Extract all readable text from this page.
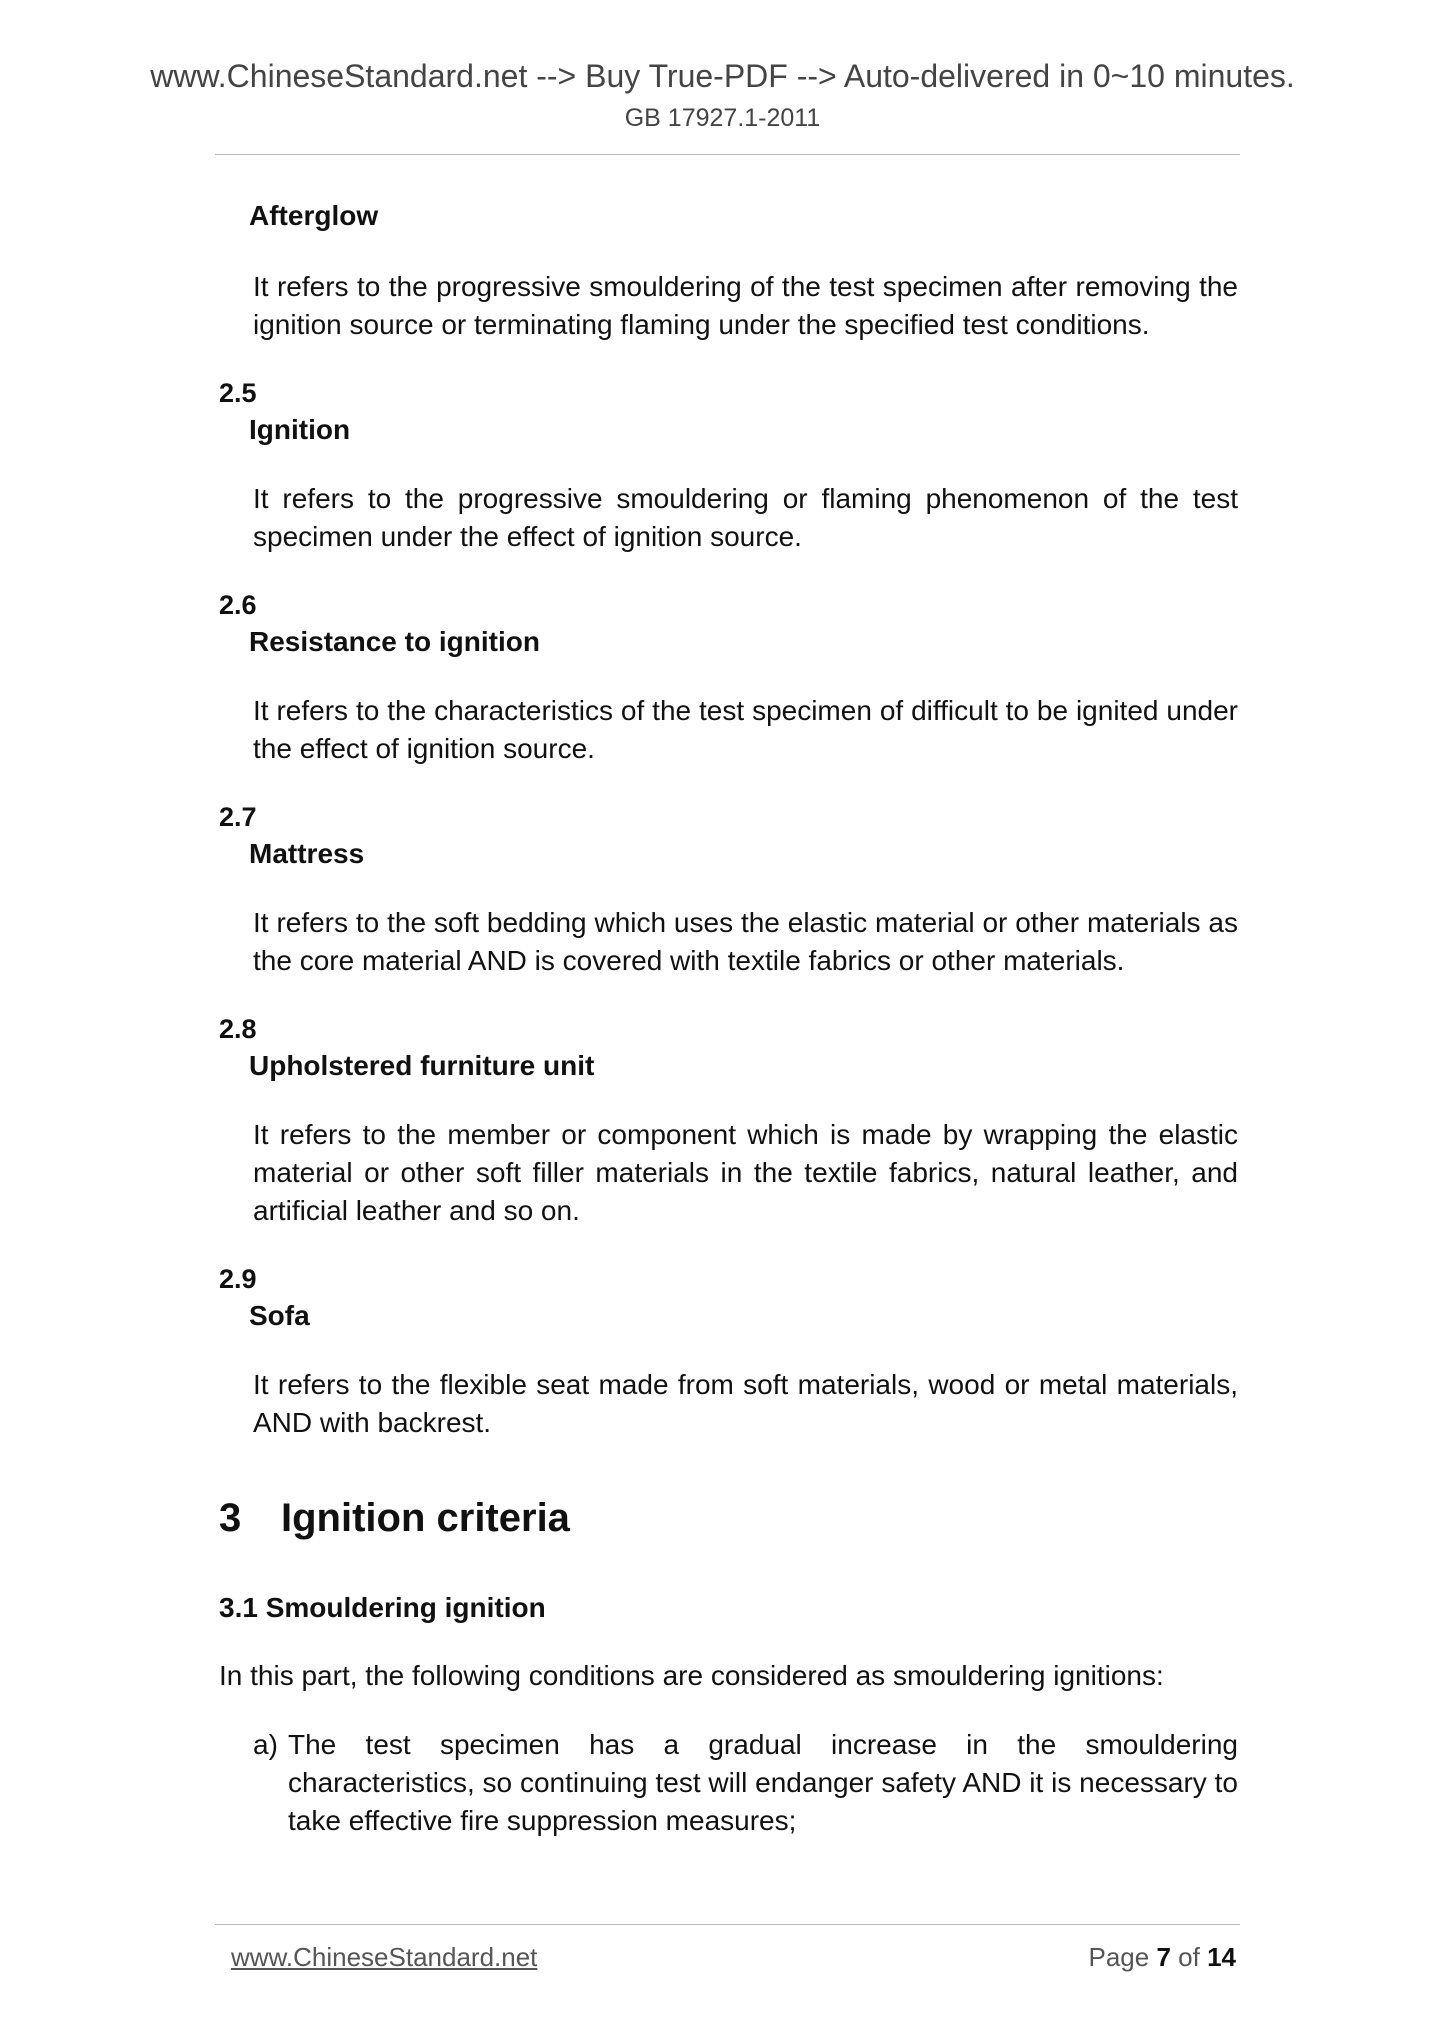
www.ChineseStandard.net --> Buy True-PDF --> Auto-delivered in 0~10 minutes.
GB 17927.1-2011
Afterglow
It refers to the progressive smouldering of the test specimen after removing the ignition source or terminating flaming under the specified test conditions.
2.5
Ignition
It refers to the progressive smouldering or flaming phenomenon of the test specimen under the effect of ignition source.
2.6
Resistance to ignition
It refers to the characteristics of the test specimen of difficult to be ignited under the effect of ignition source.
2.7
Mattress
It refers to the soft bedding which uses the elastic material or other materials as the core material AND is covered with textile fabrics or other materials.
2.8
Upholstered furniture unit
It refers to the member or component which is made by wrapping the elastic material or other soft filler materials in the textile fabrics, natural leather, and artificial leather and so on.
2.9
Sofa
It refers to the flexible seat made from soft materials, wood or metal materials, AND with backrest.
3 Ignition criteria
3.1 Smouldering ignition
In this part, the following conditions are considered as smouldering ignitions:
a) The test specimen has a gradual increase in the smouldering
characteristics, so continuing test will endanger safety AND it is necessary to take effective fire suppression measures;
www.ChineseStandard.net	Page 7 of 14
